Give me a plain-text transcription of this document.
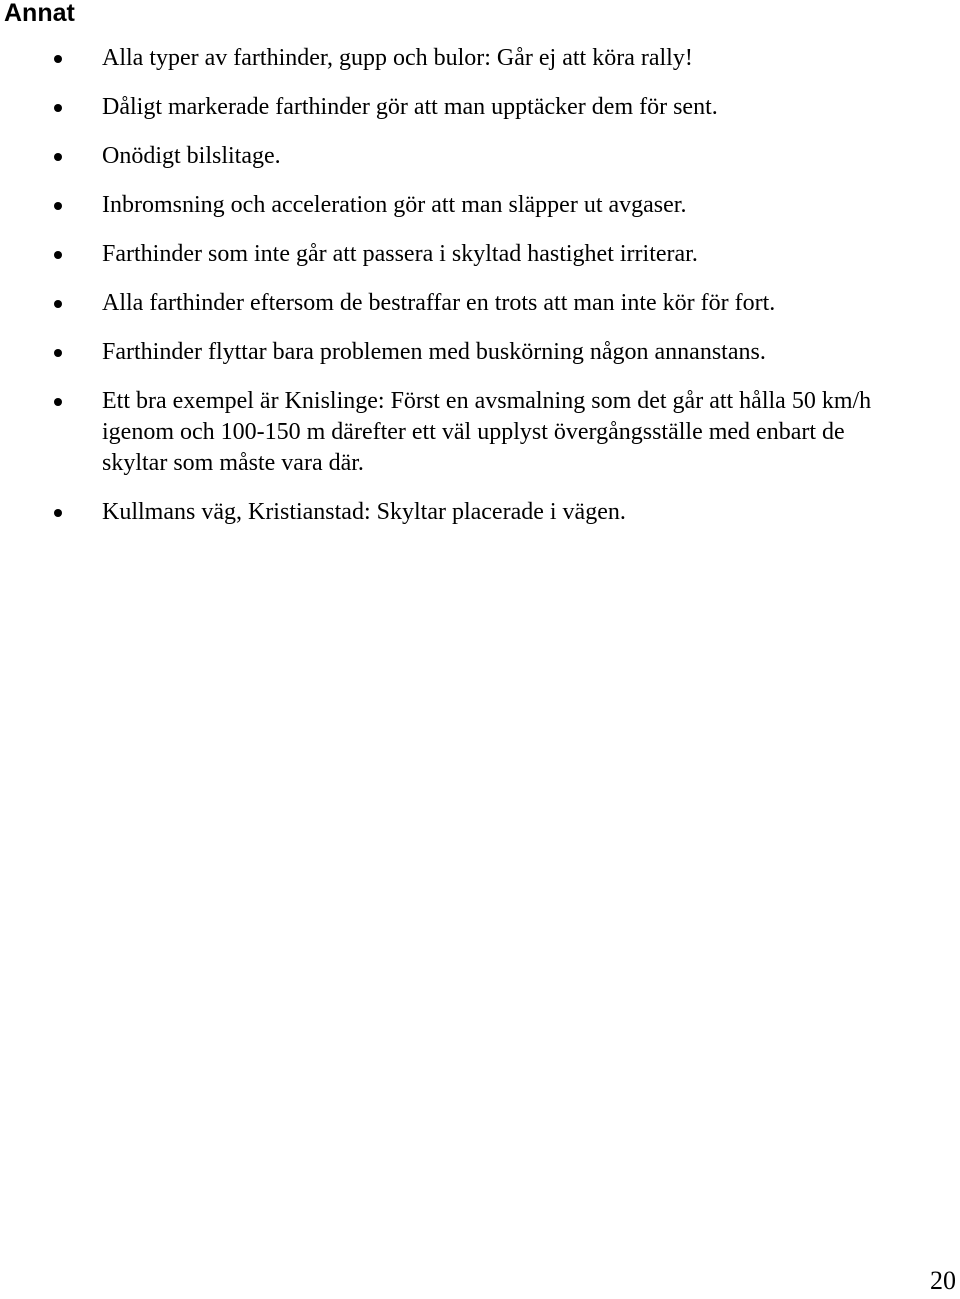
Annat
Alla typer av farthinder, gupp och bulor: Går ej att köra rally!
Dåligt markerade farthinder gör att man upptäcker dem för sent.
Onödigt bilslitage.
Inbromsning och acceleration gör att man släpper ut avgaser.
Farthinder som inte går att passera i skyltad hastighet irriterar.
Alla farthinder eftersom de bestraffar en trots att man inte kör för fort.
Farthinder flyttar bara problemen med buskörning någon annanstans.
Ett bra exempel är Knislinge: Först en avsmalning som det går att hålla 50 km/h igenom och 100-150 m därefter ett väl upplyst övergångsställe med enbart de skyltar som måste vara där.
Kullmans väg, Kristianstad: Skyltar placerade i vägen.
20
